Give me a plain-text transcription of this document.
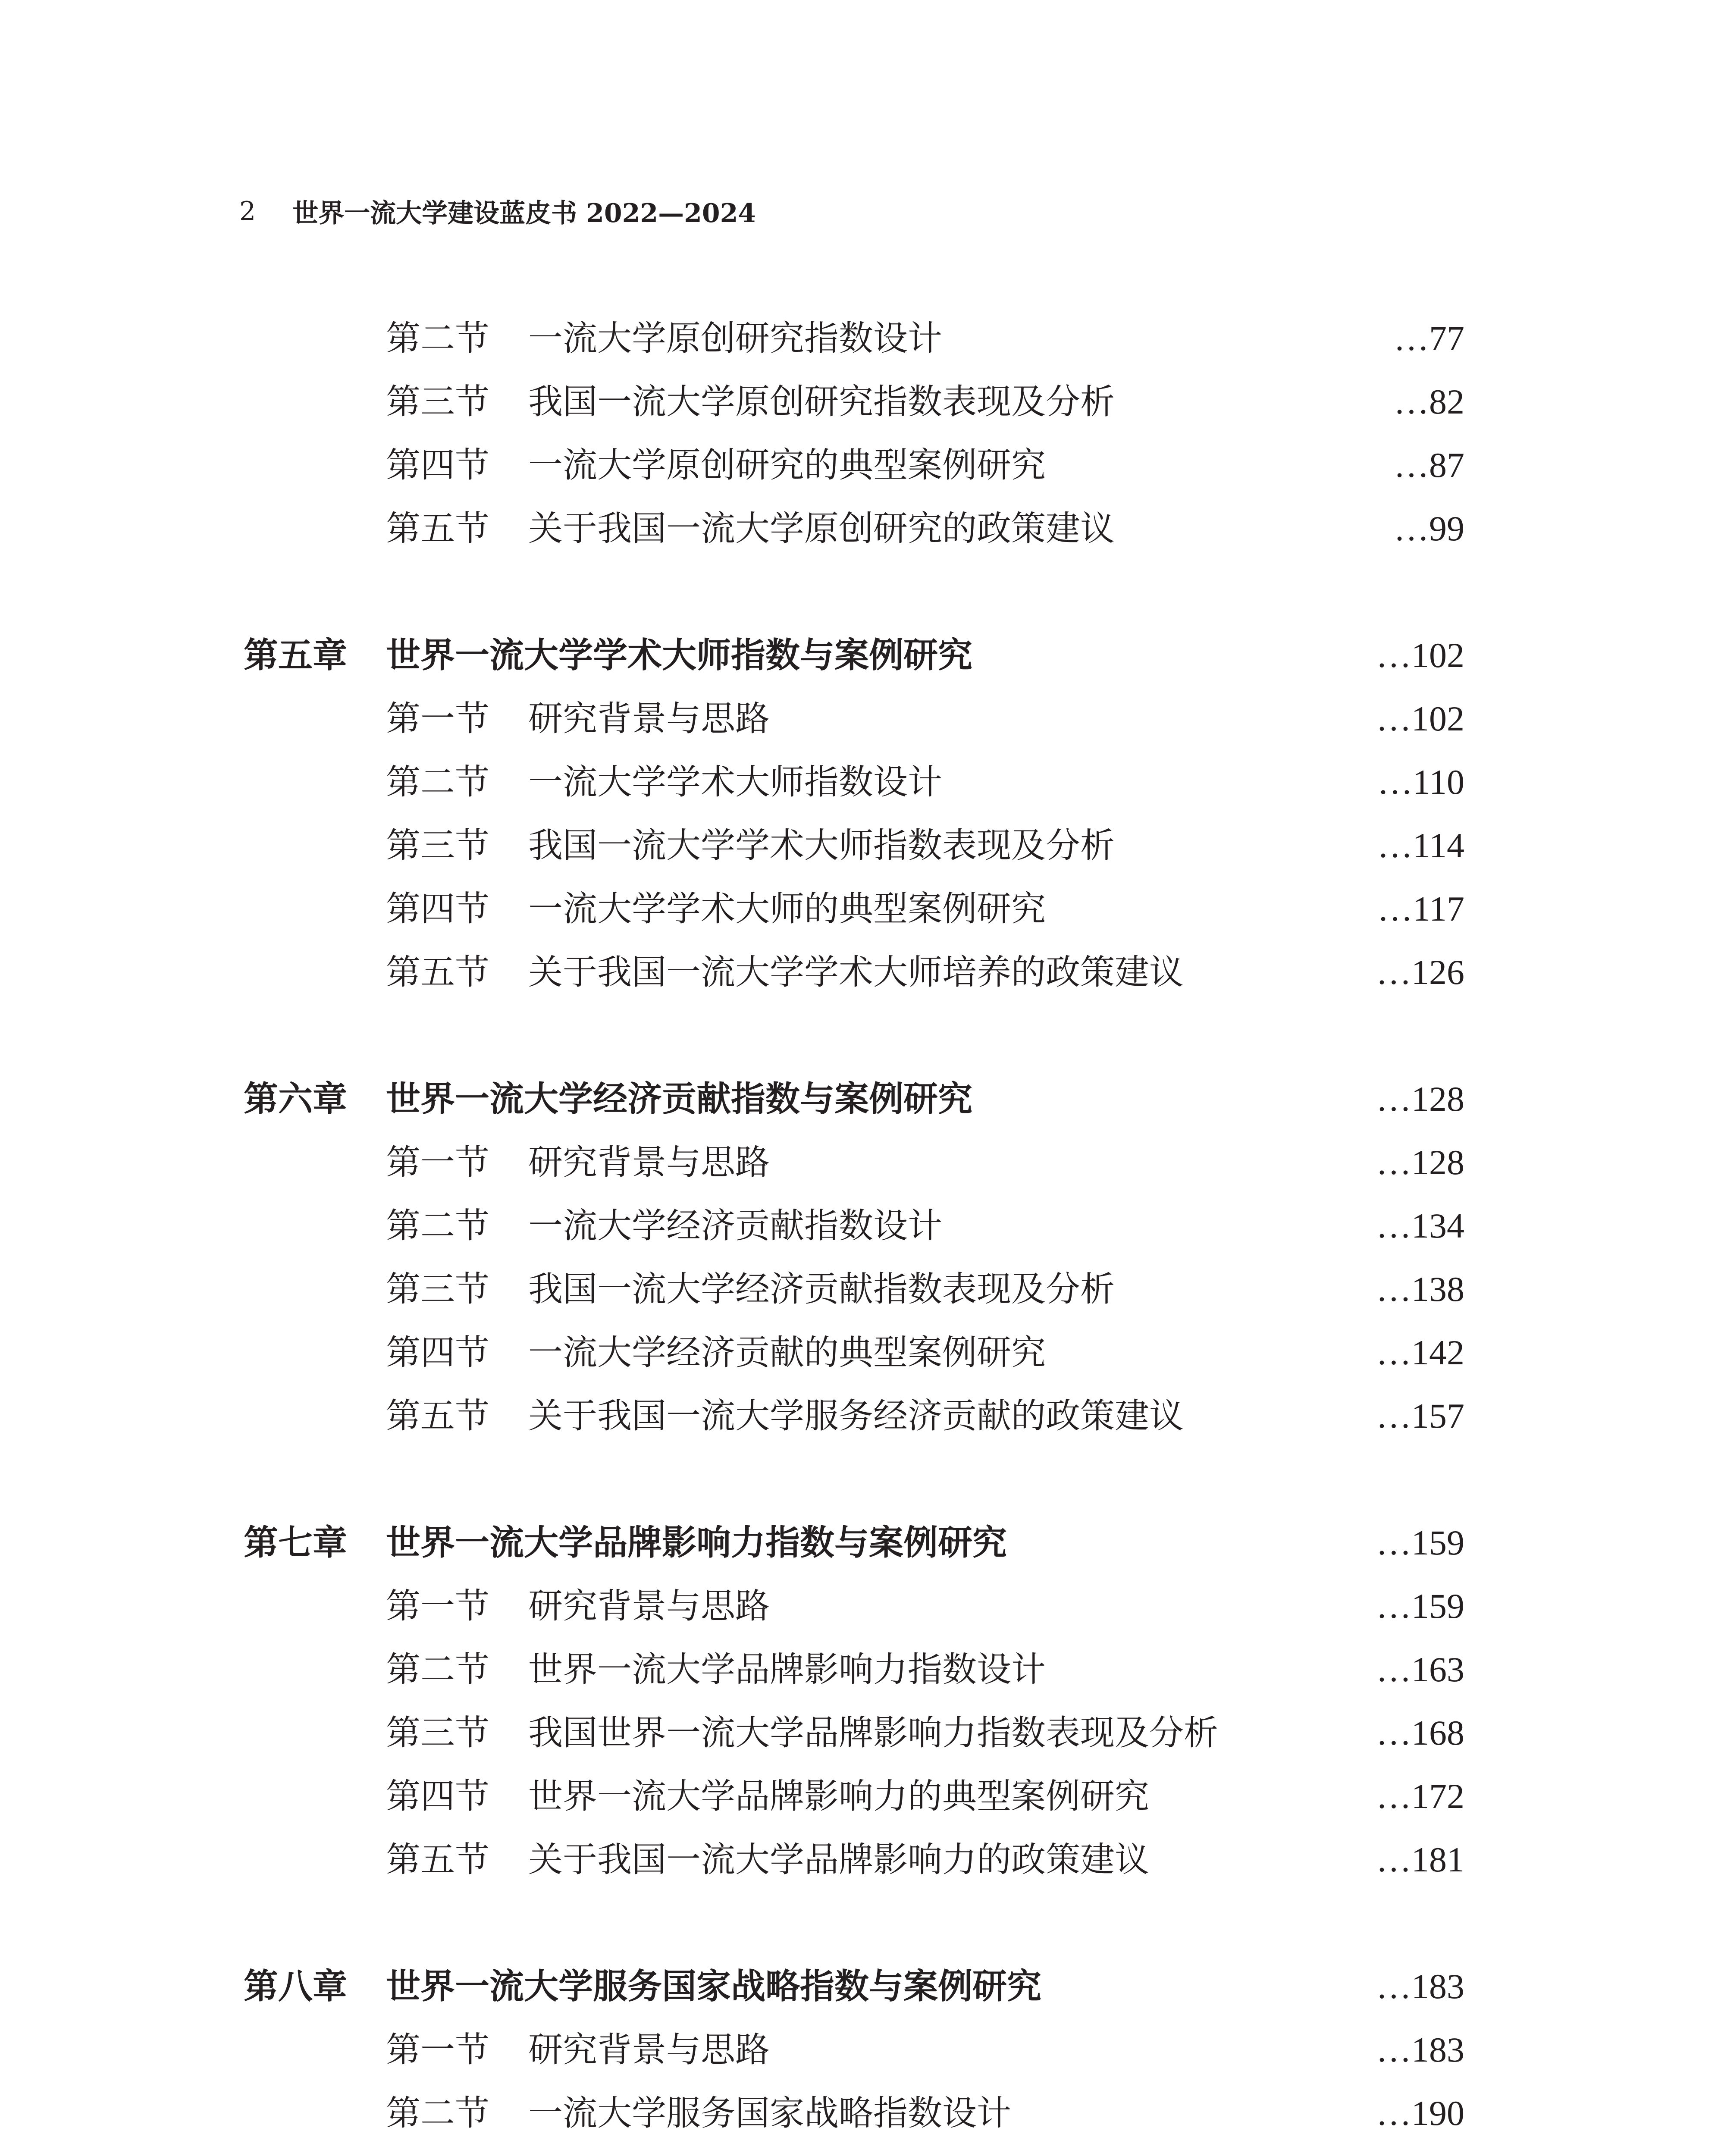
2 世界一流大学建设蓝皮书 2022—2024
第二节 一流大学原创研究指数设计	…77
第三节 我国一流大学原创研究指数表现及分析	…82
第四节 一流大学原创研究的典型案例研究	…87
第五节 关于我国一流大学原创研究的政策建议	…99
第五章 世界一流大学学术大师指数与案例研究	…102
第一节 研究背景与思路	…102
第二节 一流大学学术大师指数设计	…110
第三节 我国一流大学学术大师指数表现及分析	…114
第四节 一流大学学术大师的典型案例研究	…117
第五节 关于我国一流大学学术大师培养的政策建议	…126
第六章 世界一流大学经济贡献指数与案例研究	…128
第一节 研究背景与思路	…128
第二节 一流大学经济贡献指数设计	…134
第三节 我国一流大学经济贡献指数表现及分析	…138
第四节 一流大学经济贡献的典型案例研究	…142
第五节 关于我国一流大学服务经济贡献的政策建议	…157
第七章 世界一流大学品牌影响力指数与案例研究	…159
第一节 研究背景与思路	…159
第二节 世界一流大学品牌影响力指数设计	…163
第三节 我国世界一流大学品牌影响力指数表现及分析	…168
第四节 世界一流大学品牌影响力的典型案例研究	…172
第五节 关于我国一流大学品牌影响力的政策建议	…181
第八章 世界一流大学服务国家战略指数与案例研究	…183
第一节 研究背景与思路	…183
第二节 一流大学服务国家战略指数设计	…190
